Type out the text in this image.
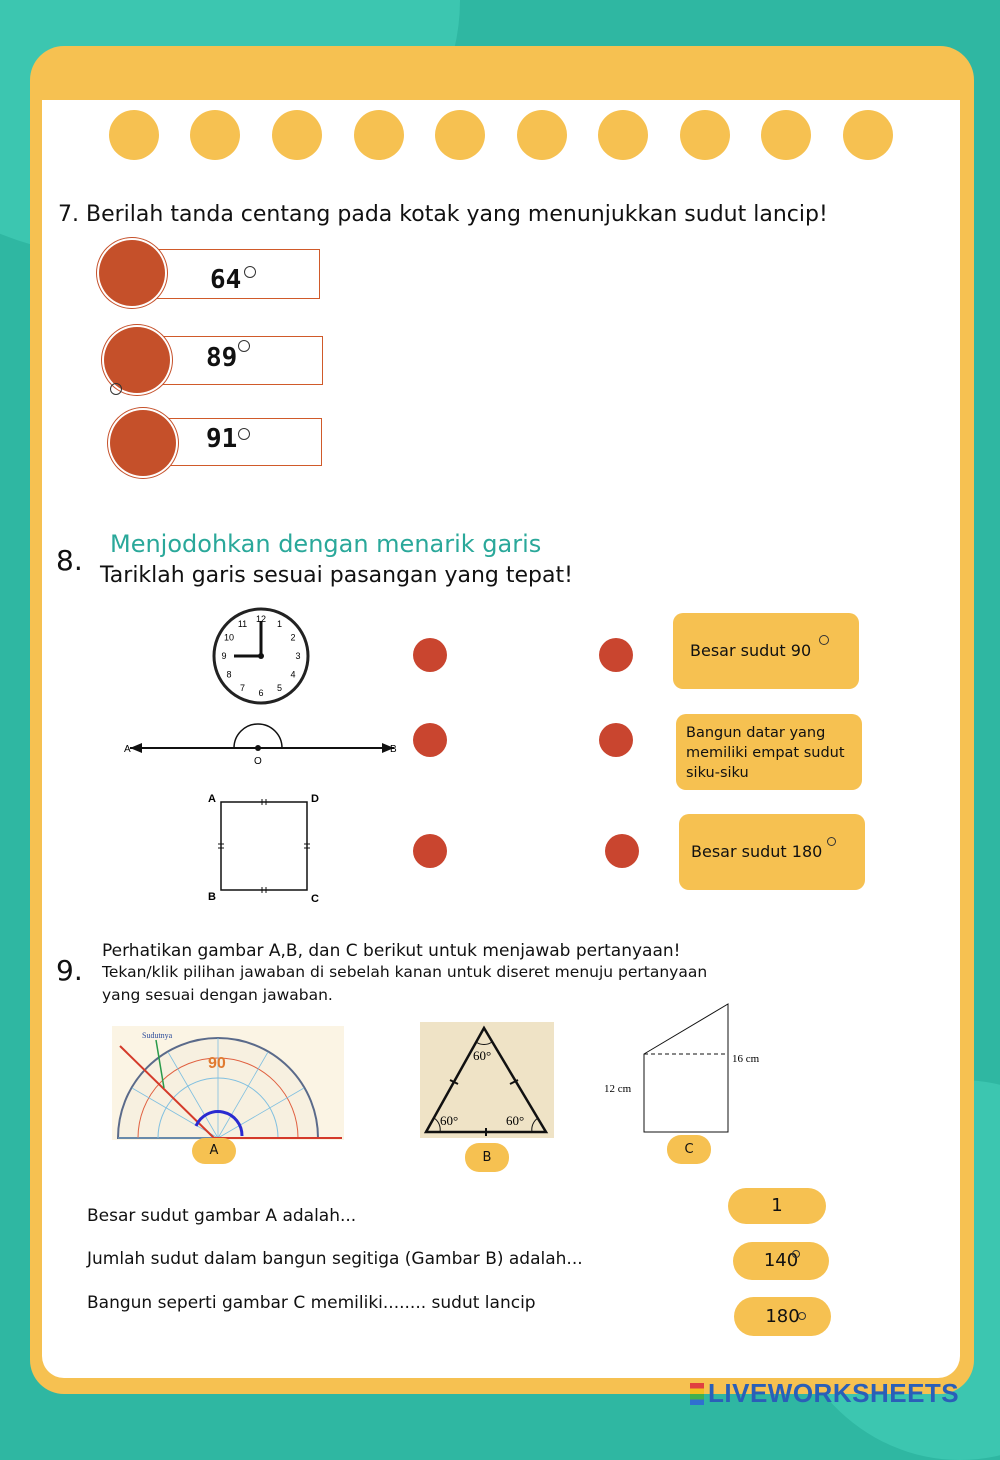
7. Berilah tanda centang pada kotak yang menunjukkan sudut lancip!
64
89
91
8. Menjodohkan dengan menarik garis
Tariklah garis sesuai pasangan yang tepat!
12 1
2
3
4
5
6
7
8
9
10
11
A	B
O
A	D
B	C
Besar sudut 90
Bangun datar yang memiliki empat sudut siku-siku
Besar sudut 180
9.
Perhatikan gambar A,B, dan C berikut untuk menjawab pertanyaan!
Tekan/klik pilihan jawaban di sebelah kanan untuk diseret menuju pertanyaan
yang sesuai dengan jawaban.
Sudutnya
90
A
60°
60°	60°
B
12 cm
16 cm
C
Besar sudut gambar A adalah...
Jumlah sudut dalam bangun segitiga (Gambar B) adalah...
Bangun seperti gambar C memiliki........ sudut lancip
1
140
180
LIVEWORKSHEETS
